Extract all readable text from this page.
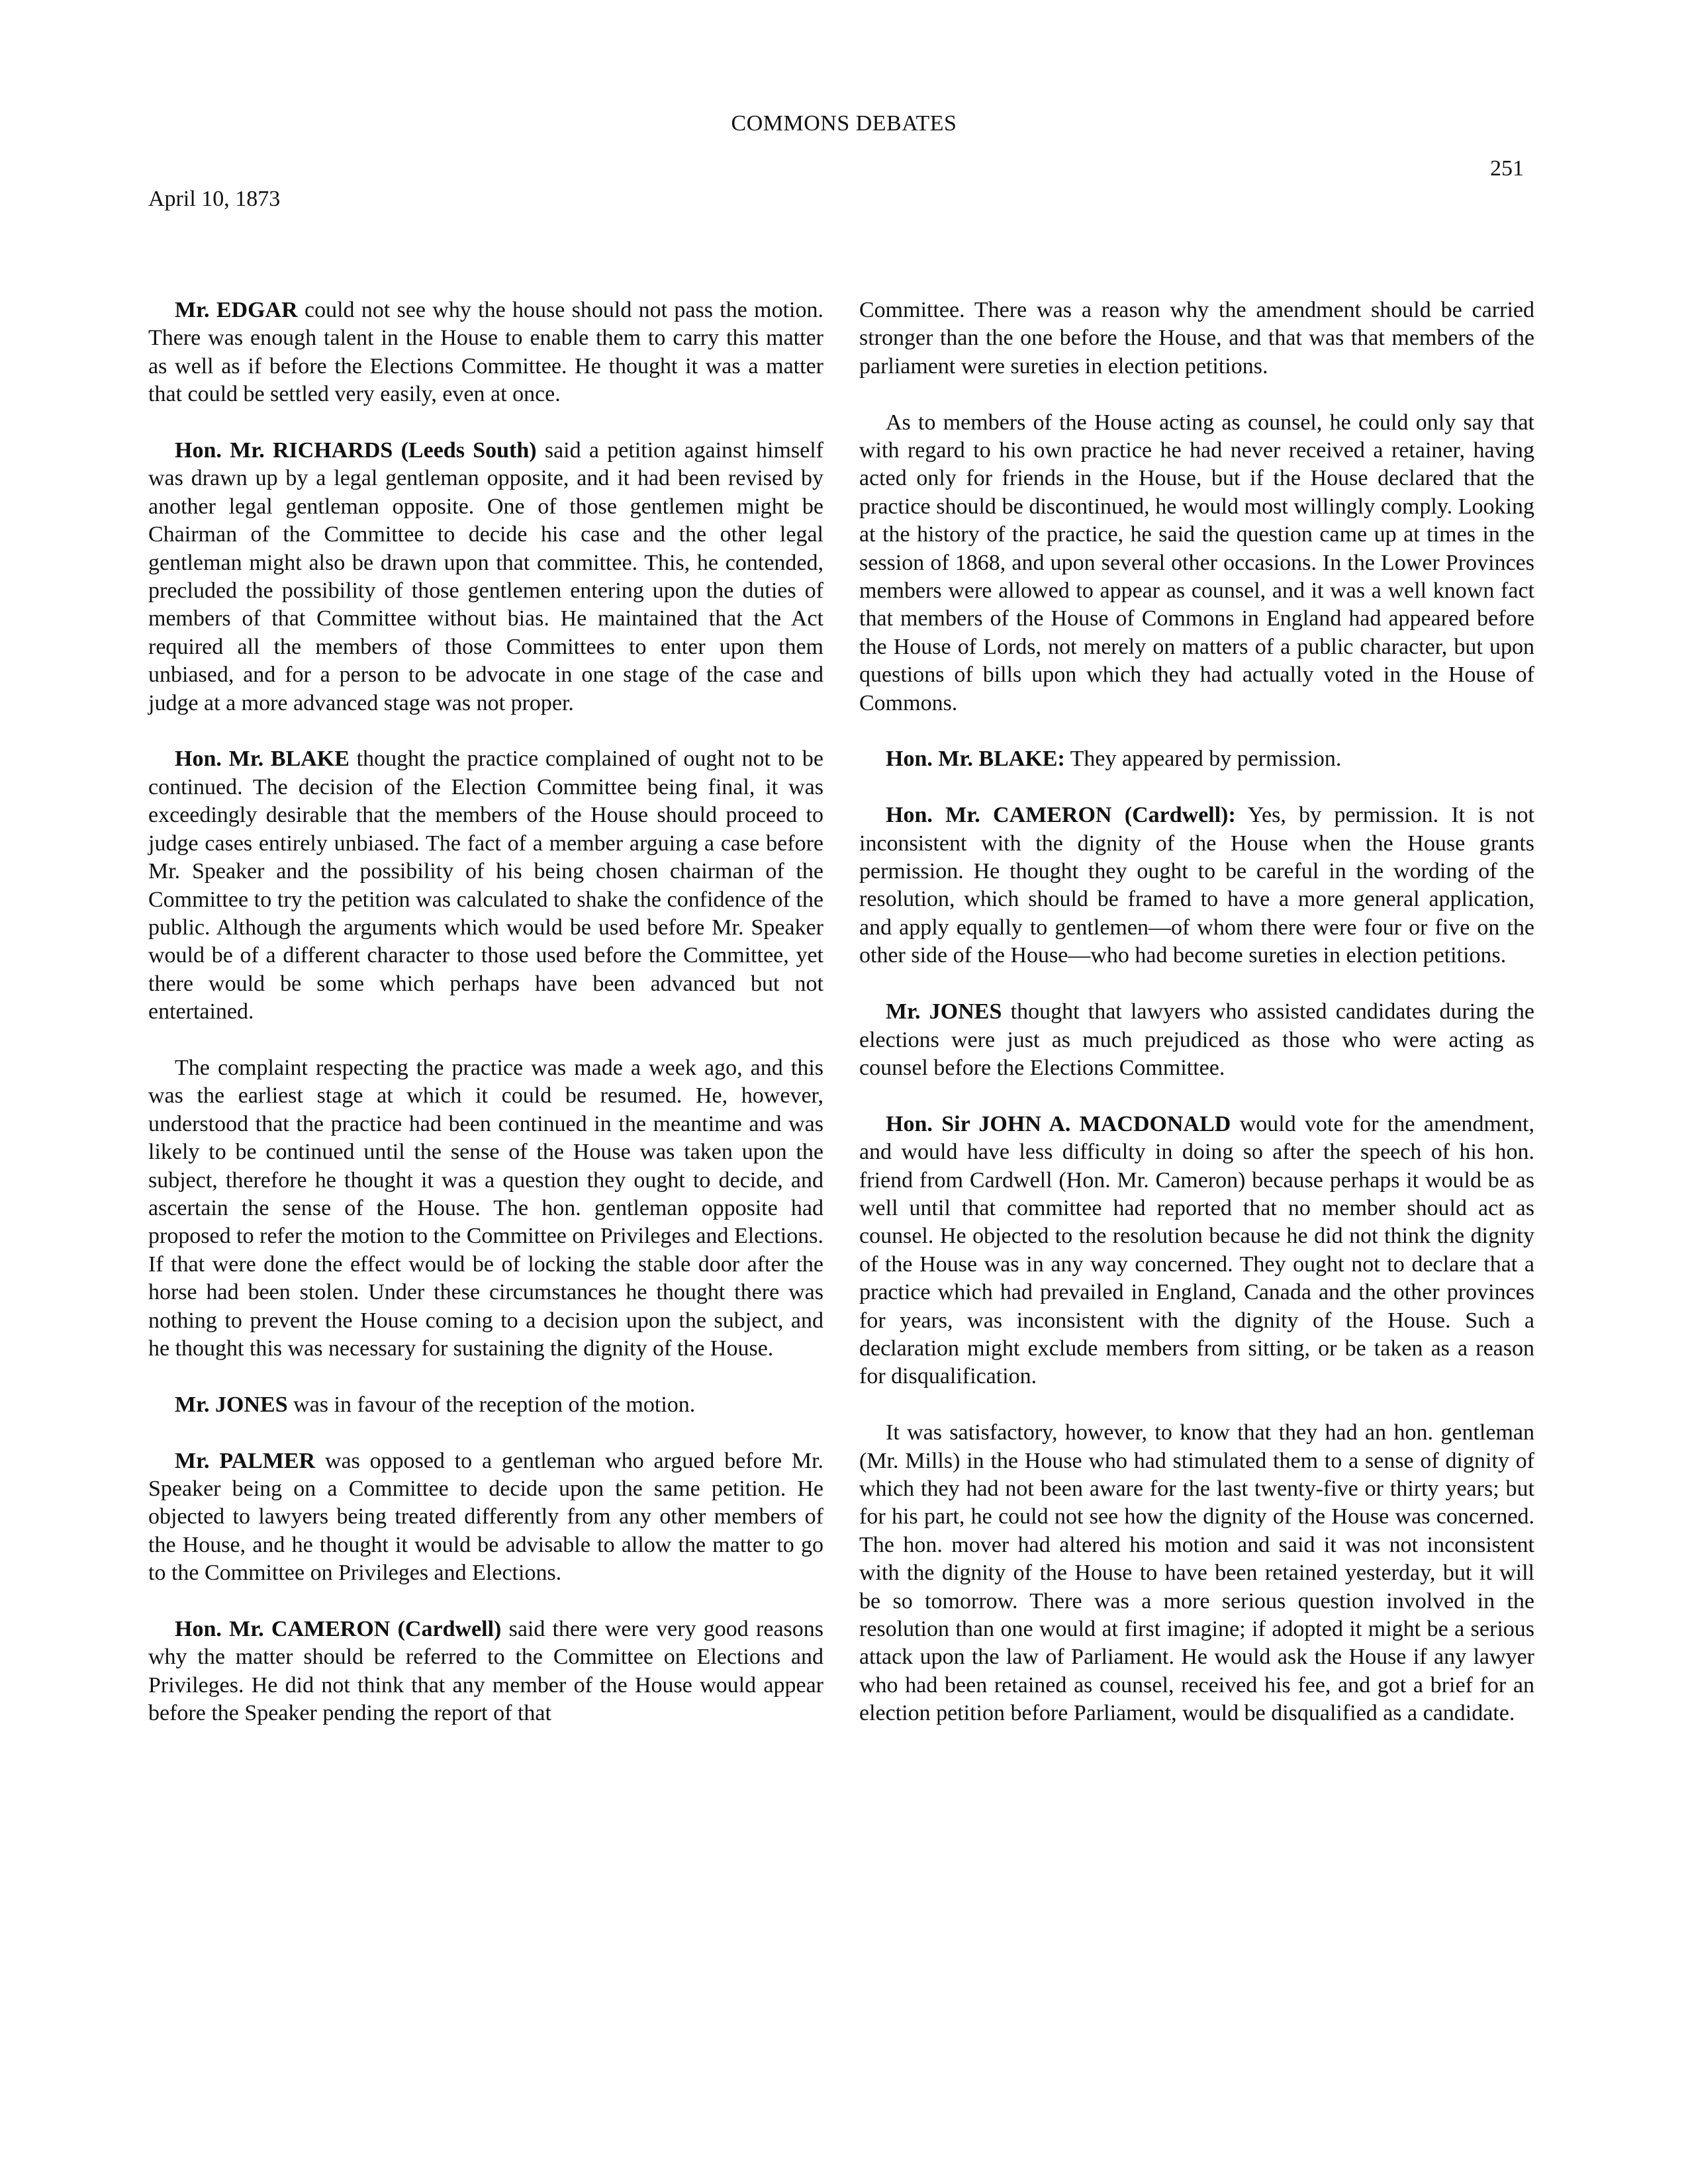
COMMONS DEBATES
251
April 10, 1873

Mr. EDGAR could not see why the house should not pass the motion. There was enough talent in the House to enable them to carry this matter as well as if before the Elections Committee. He thought it was a matter that could be settled very easily, even at once.

Hon. Mr. RICHARDS (Leeds South) said a petition against himself was drawn up by a legal gentleman opposite, and it had been revised by another legal gentleman opposite. One of those gentlemen might be Chairman of the Committee to decide his case and the other legal gentleman might also be drawn upon that committee. This, he contended, precluded the possibility of those gentlemen entering upon the duties of members of that Committee without bias. He maintained that the Act required all the members of those Committees to enter upon them unbiased, and for a person to be advocate in one stage of the case and judge at a more advanced stage was not proper.

Hon. Mr. BLAKE thought the practice complained of ought not to be continued. The decision of the Election Committee being final, it was exceedingly desirable that the members of the House should proceed to judge cases entirely unbiased. The fact of a member arguing a case before Mr. Speaker and the possibility of his being chosen chairman of the Committee to try the petition was calculated to shake the confidence of the public. Although the arguments which would be used before Mr. Speaker would be of a different character to those used before the Committee, yet there would be some which perhaps have been advanced but not entertained.

The complaint respecting the practice was made a week ago, and this was the earliest stage at which it could be resumed. He, however, understood that the practice had been continued in the meantime and was likely to be continued until the sense of the House was taken upon the subject, therefore he thought it was a question they ought to decide, and ascertain the sense of the House. The hon. gentleman opposite had proposed to refer the motion to the Committee on Privileges and Elections. If that were done the effect would be of locking the stable door after the horse had been stolen. Under these circumstances he thought there was nothing to prevent the House coming to a decision upon the subject, and he thought this was necessary for sustaining the dignity of the House.

Mr. JONES was in favour of the reception of the motion.

Mr. PALMER was opposed to a gentleman who argued before Mr. Speaker being on a Committee to decide upon the same petition. He objected to lawyers being treated differently from any other members of the House, and he thought it would be advisable to allow the matter to go to the Committee on Privileges and Elections.

Hon. Mr. CAMERON (Cardwell) said there were very good reasons why the matter should be referred to the Committee on Elections and Privileges. He did not think that any member of the House would appear before the Speaker pending the report of that

Committee. There was a reason why the amendment should be carried stronger than the one before the House, and that was that members of the parliament were sureties in election petitions.

As to members of the House acting as counsel, he could only say that with regard to his own practice he had never received a retainer, having acted only for friends in the House, but if the House declared that the practice should be discontinued, he would most willingly comply. Looking at the history of the practice, he said the question came up at times in the session of 1868, and upon several other occasions. In the Lower Provinces members were allowed to appear as counsel, and it was a well known fact that members of the House of Commons in England had appeared before the House of Lords, not merely on matters of a public character, but upon questions of bills upon which they had actually voted in the House of Commons.

Hon. Mr. BLAKE: They appeared by permission.

Hon. Mr. CAMERON (Cardwell): Yes, by permission. It is not inconsistent with the dignity of the House when the House grants permission. He thought they ought to be careful in the wording of the resolution, which should be framed to have a more general application, and apply equally to gentlemen—of whom there were four or five on the other side of the House—who had become sureties in election petitions.

Mr. JONES thought that lawyers who assisted candidates during the elections were just as much prejudiced as those who were acting as counsel before the Elections Committee.

Hon. Sir JOHN A. MACDONALD would vote for the amendment, and would have less difficulty in doing so after the speech of his hon. friend from Cardwell (Hon. Mr. Cameron) because perhaps it would be as well until that committee had reported that no member should act as counsel. He objected to the resolution because he did not think the dignity of the House was in any way concerned. They ought not to declare that a practice which had prevailed in England, Canada and the other provinces for years, was inconsistent with the dignity of the House. Such a declaration might exclude members from sitting, or be taken as a reason for disqualification.

It was satisfactory, however, to know that they had an hon. gentleman (Mr. Mills) in the House who had stimulated them to a sense of dignity of which they had not been aware for the last twenty-five or thirty years; but for his part, he could not see how the dignity of the House was concerned. The hon. mover had altered his motion and said it was not inconsistent with the dignity of the House to have been retained yesterday, but it will be so tomorrow. There was a more serious question involved in the resolution than one would at first imagine; if adopted it might be a serious attack upon the law of Parliament. He would ask the House if any lawyer who had been retained as counsel, received his fee, and got a brief for an election petition before Parliament, would be disqualified as a candidate.
